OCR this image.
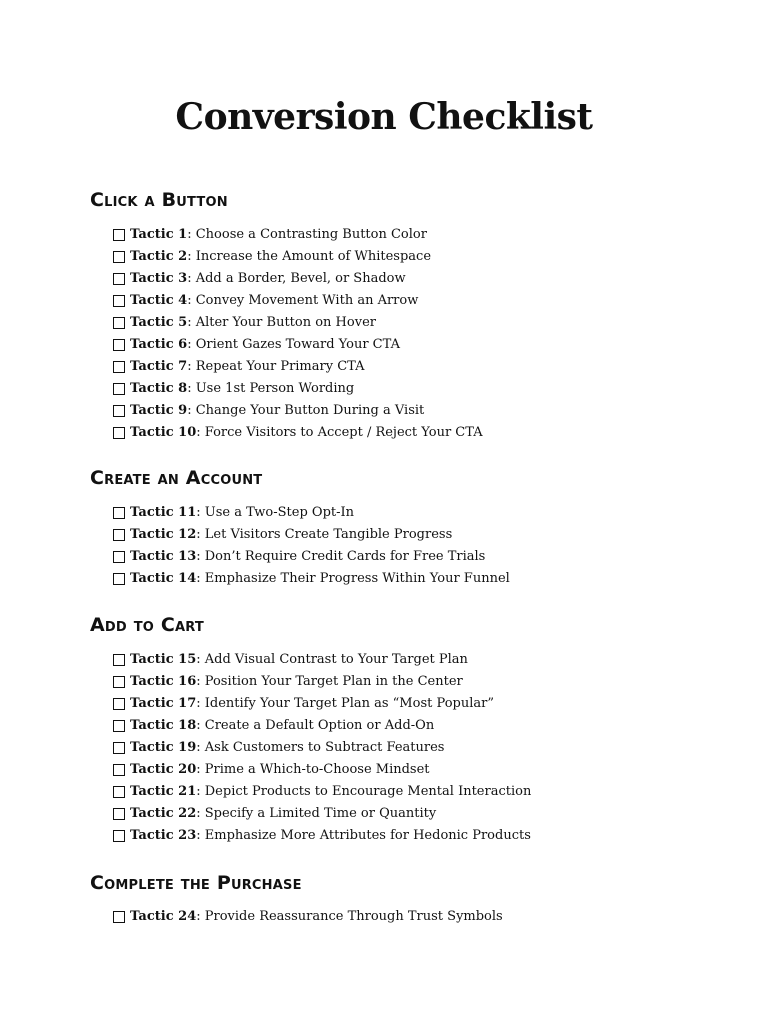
Conversion Checklist
Click a Button
Tactic 1 : Choose a Contrasting Button Color
Tactic 2 : Increase the Amount of Whitespace
Tactic 3 : Add a Border, Bevel, or Shadow
Tactic 4 : Convey Movement With an Arrow
Tactic 5 : Alter Your Button on Hover
Tactic 6 : Orient Gazes Toward Your CTA
Tactic 7 : Repeat Your Primary CTA
Tactic 8 : Use 1st Person Wording
Tactic 9 : Change Your Button During a Visit
Tactic 10 : Force Visitors to Accept / Reject Your CTA
Create an Account
Tactic 11 : Use a Two-Step Opt-In
Tactic 12 : Let Visitors Create Tangible Progress
Tactic 13 : Don’t Require Credit Cards for Free Trials
Tactic 14 : Emphasize Their Progress Within Your Funnel
Add to Cart
Tactic 15 : Add Visual Contrast to Your Target Plan
Tactic 16 : Position Your Target Plan in the Center
Tactic 17 : Identify Your Target Plan as “Most Popular”
Tactic 18 : Create a Default Option or Add-On
Tactic 19 : Ask Customers to Subtract Features
Tactic 20 : Prime a Which-to-Choose Mindset
Tactic 21 : Depict Products to Encourage Mental Interaction
Tactic 22 : Specify a Limited Time or Quantity
Tactic 23 : Emphasize More Attributes for Hedonic Products
Complete the Purchase
Tactic 24 : Provide Reassurance Through Trust Symbols
